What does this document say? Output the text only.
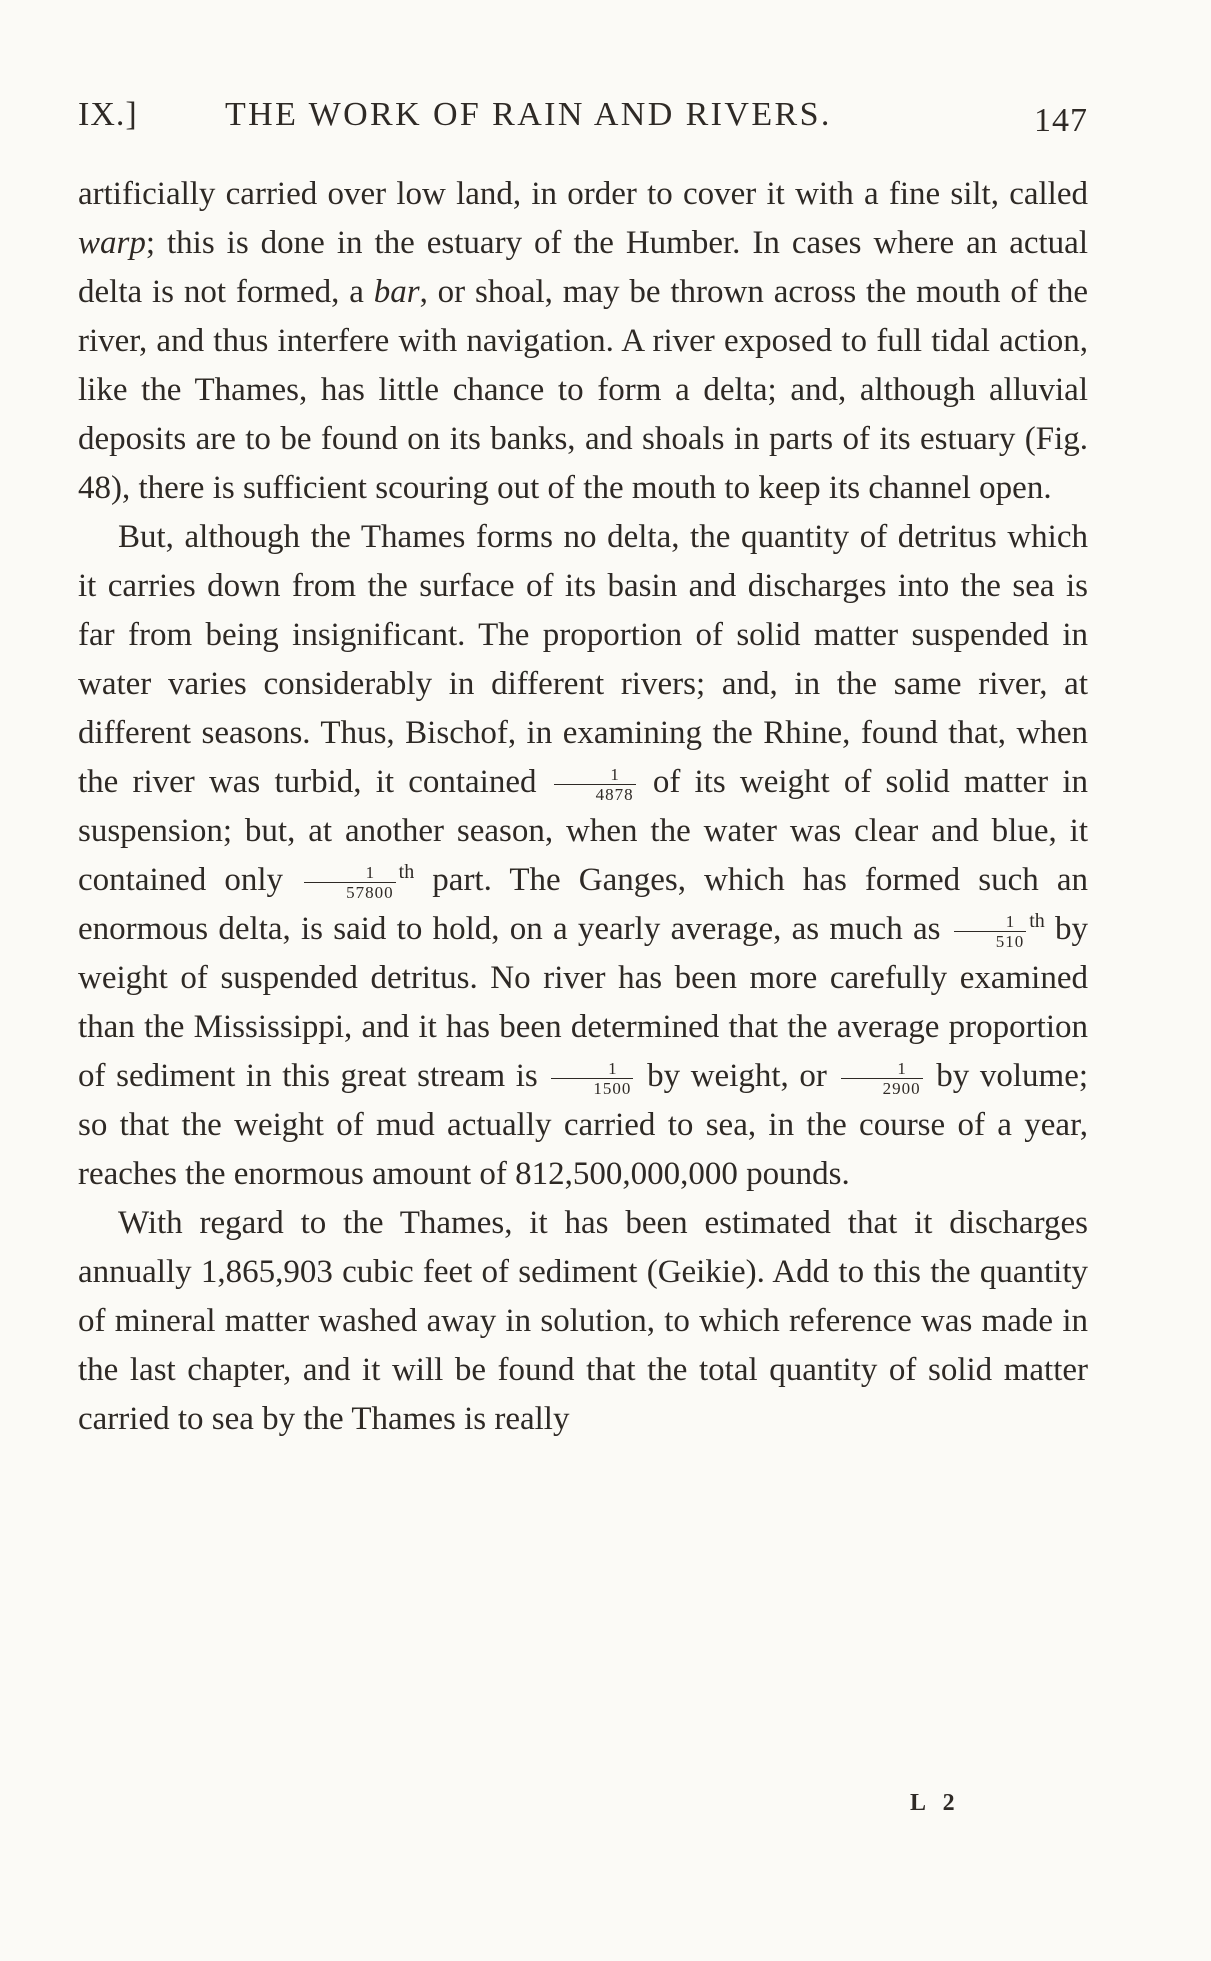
IX.]	THE WORK OF RAIN AND RIVERS.	147

artificially carried over low land, in order to cover it with a fine silt, called warp; this is done in the estuary of the Humber. In cases where an actual delta is not formed, a bar, or shoal, may be thrown across the mouth of the river, and thus interfere with navigation. A river exposed to full tidal action, like the Thames, has little chance to form a delta; and, although alluvial deposits are to be found on its banks, and shoals in parts of its estuary (Fig. 48), there is sufficient scouring out of the mouth to keep its channel open.

But, although the Thames forms no delta, the quantity of detritus which it carries down from the surface of its basin and discharges into the sea is far from being insignificant. The proportion of solid matter suspended in water varies considerably in different rivers; and, in the same river, at different seasons. Thus, Bischof, in examining the Rhine, found that, when the river was turbid, it contained $\frac{1}{4878}$ of its weight of solid matter in suspension; but, at another season, when the water was clear and blue, it contained only $\frac{1}{57800} ^{th}$ part. The Ganges, which has formed such an enormous delta, is said to hold, on a yearly average, as much as $\frac{1}{510} ^{th}$ by weight of suspended detritus. No river has been more carefully examined than the Mississippi, and it has been determined that the average proportion of sediment in this great stream is $\frac{1}{1500}$ by weight, or $\frac{1}{2900}$ by volume; so that the weight of mud actually carried to sea, in the course of a year, reaches the enormous amount of 812,500,000,000 pounds.

With regard to the Thames, it has been estimated that it discharges annually 1,865,903 cubic feet of sediment (Geikie). Add to this the quantity of mineral matter washed away in solution, to which reference was made in the last chapter, and it will be found that the total quantity of solid matter carried to sea by the Thames is really

L 2
